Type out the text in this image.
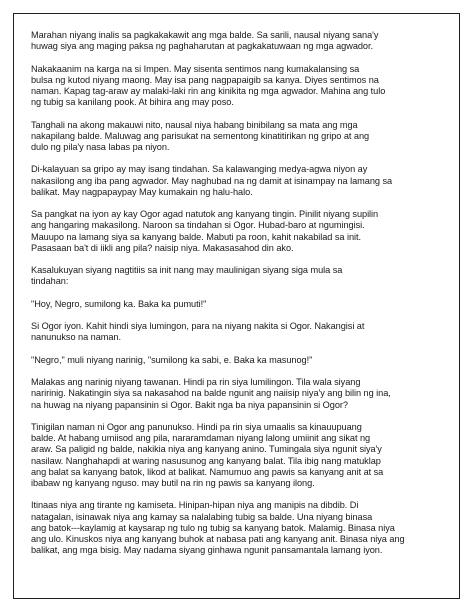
Marahan niyang inalis sa pagkakakawit ang mga balde. Sa sarili, nausal niyang sana'y
huwag siya ang maging paksa ng paghaharutan at pagkakatuwaan ng mga agwador.

Nakakaanim na karga na si Impen. May sisenta sentimos nang kumakalansing sa
bulsa ng kutod niyang maong. May isa pang nagpapaigib sa kanya. Diyes sentimos na
naman. Kapag tag-araw ay malaki-laki rin ang kinikita ng mga agwador. Mahina ang tulo
ng tubig sa kanilang pook. At bihira ang may poso.

Tanghali na akong makauwi nito, nausal niya habang binibilang sa mata ang mga
nakapilang balde. Maluwag ang parisukat na sementong kinatitirikan ng gripo at ang
dulo ng pila'y nasa labas pa niyon.

Di-kalayuan sa gripo ay may isang tindahan. Sa kalawanging medya-agwa niyon ay
nakasilong ang iba pang agwador. May naghubad na ng damit at isinampay na lamang sa
balikat. May nagpapaypay May kumakain ng halu-halo.

Sa pangkat na iyon ay kay Ogor agad natutok ang kanyang tingin. Pinilit niyang supilin
ang hangaring makasilong. Naroon sa tindahan si Ogor. Hubad-baro at ngumingisi.
Mauupo na lamang siya sa kanyang balde. Mabuti pa roon, kahit nakabilad sa init.
Pasasaan ba't di iikli ang pila? naisip niya. Makasasahod din ako.

Kasalukuyan siyang nagtitiis sa init nang may maulinigan siyang siga mula sa
tindahan:

"Hoy, Negro, sumilong ka. Baka ka pumuti!"

Si Ogor iyon. Kahit hindi siya lumingon, para na niyang nakita si Ogor. Nakangisi at
nanunukso na naman.

"Negro," muli niyang narinig, "sumilong ka sabi, e. Baka ka masunog!"

Malakas ang narinig niyang tawanan. Hindi pa rin siya lumilingon. Tila wala siyang
naririnig. Nakatingin siya sa nakasahod na balde ngunit ang naiisip niya'y ang bilin ng ina,
na huwag na niyang papansinin si Ogor. Bakit nga ba niya papansinin si Ogor?

Tinigilan naman ni Ogor ang panunukso. Hindi pa rin siya umaalis sa kinauupuang
balde. At habang umiisod ang pila, nararamdaman niyang lalong umiinit ang sikat ng
araw. Sa paligid ng balde, nakikia niya ang kanyang anino. Tumingala siya ngunit siya'y
nasilaw. Nanghahapdi at waring nasusunog ang kanyang balat. Tila ibig nang matuklap
ang balat sa kanyang batok, likod at balikat. Namumuo ang pawis sa kanyang anit at sa
ibabaw ng kanyang nguso. may butil na rin ng pawis sa kanyang ilong.

Itinaas niya ang tirante ng kamiseta. Hinipan-hipan niya ang manipis na dibdib. Di
natagalan, isinawak niya ang kamay sa nalalabing tubig sa balde. Una niyang binasa
ang batok---kaylamig at kaysarap ng tulo ng tubig sa kanyang batok. Malamig. Binasa niya
ang ulo. Kinuskos niya ang kanyang buhok at nabasa pati ang kanyang anit. Binasa niya ang
balikat, ang mga bisig. May nadama siyang ginhawa ngunit pansamantala lamang iyon.
